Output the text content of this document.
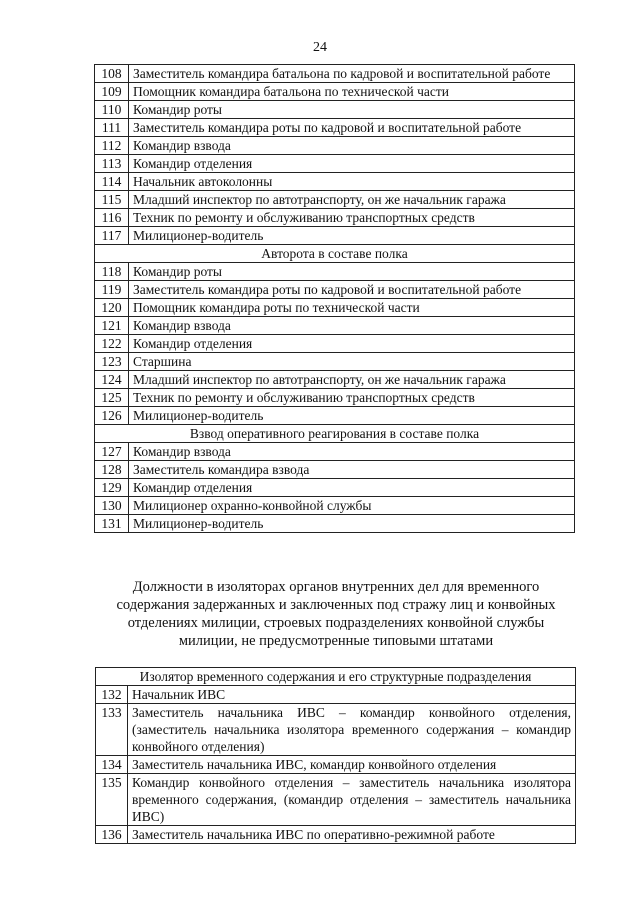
24
108	Заместитель командира батальона по кадровой и воспитательной работе
109	Помощник командира батальона по технической части
110	Командир роты
111	Заместитель командира роты по кадровой и воспитательной работе
112	Командир взвода
113	Командир отделения
114	Начальник автоколонны
115	Младший инспектор по автотранспорту, он же начальник гаража
116	Техник по ремонту и обслуживанию транспортных средств
117	Милиционер-водитель
Авторота в составе полка	
118	Командир роты
119	Заместитель командира роты по кадровой и воспитательной работе
120	Помощник командира роты по технической части
121	Командир взвода
122	Командир отделения
123	Старшина
124	Младший инспектор по автотранспорту, он же начальник гаража
125	Техник по ремонту и обслуживанию транспортных средств
126	Милиционер-водитель
Взвод оперативного реагирования в составе полка	
127	Командир взвода
128	Заместитель командира взвода
129	Командир отделения
130	Милиционер охранно-конвойной службы
131	Милиционер-водитель
Должности в изоляторах органов внутренних дел для временного
содержания задержанных и заключенных под стражу лиц и конвойных
отделениях милиции, строевых подразделениях конвойной службы
милиции, не предусмотренные типовыми штатами
Изолятор временного содержания и его структурные подразделения	
132	Начальник ИВС
133	Заместитель начальника ИВС – командир конвойного отделения, (заместитель начальника изолятора временного содержания – командир конвойного отделения)
134	Заместитель начальника ИВС, командир конвойного отделения
135	Командир конвойного отделения – заместитель начальника изолятора временного содержания, (командир отделения – заместитель начальника ИВС)
136	Заместитель начальника ИВС по оперативно-режимной работе
